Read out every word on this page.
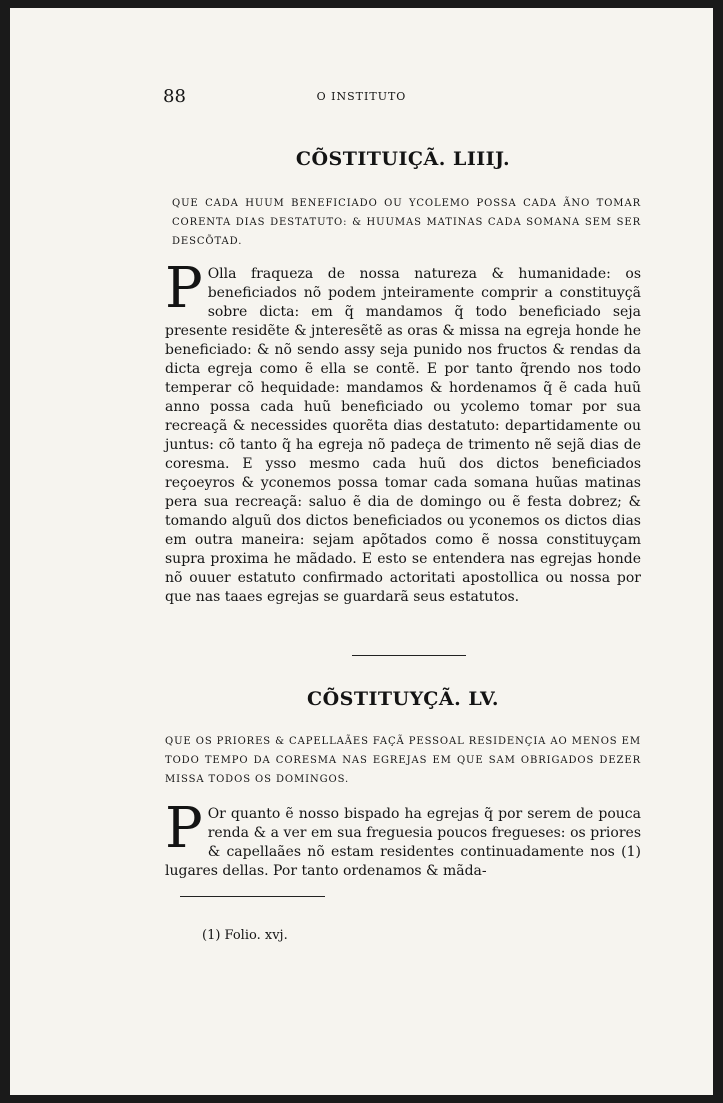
88	O INSTITUTO
CÕSTITUIÇÃ. LIIIJ.

QUE CADA HUUM BENEFICIADO OU YCOLEMO POSSA CADA ÃNO TOMAR CORENTA DIAS DESTATUTO: & HUUMAS MATINAS CADA SOMANA SEM SER DESCÕTAD.

P Olla fraqueza de nossa natureza & humanidade: os beneficiados nõ podem jnteiramente comprir a constituyçã sobre dicta: em q̃ mandamos q̃ todo beneficiado seja presente residẽte & jnteresẽtẽ as oras & missa na egreja honde he beneficiado: & nõ sendo assy seja punido nos fructos & rendas da dicta egreja como ẽ ella se contẽ. E por tanto q̃rendo nos todo temperar cõ hequidade: mandamos & hordenamos q̃ ẽ cada huũ anno possa cada huũ beneficiado ou ycolemo tomar por sua recreaçã & necessides quorẽta dias destatuto: departidamente ou juntus: cõ tanto q̃ ha egreja nõ padeça de trimento nẽ sejã dias de coresma. E ysso mesmo cada huũ dos dictos beneficiados reçoeyros & yconemos possa tomar cada somana huũas matinas pera sua recreaçã: saluo ẽ dia de domingo ou ẽ festa dobrez; & tomando alguũ dos dictos beneficiados ou yconemos os dictos dias em outra maneira: sejam apõtados como ẽ nossa constituyçam supra proxima he mãdado. E esto se entendera nas egrejas honde nõ ouuer estatuto confirmado actoritati apostollica ou nossa por que nas taaes egrejas se guardarã seus estatutos.

CÕSTITUYÇÃ. LV.

QUE OS PRIORES & CAPELLAÃES FAÇÃ PESSOAL RESIDENÇIA AO MENOS EM TODO TEMPO DA CORESMA NAS EGREJAS EM QUE SAM OBRIGADOS DEZER MISSA TODOS OS DOMINGOS.

P Or quanto ẽ nosso bispado ha egrejas q̃ por serem de pouca renda & a ver em sua freguesia poucos fregueses: os priores & capellaães nõ estam residentes continuadamente nos (1) lugares dellas. Por tanto ordenamos & mãda-

(1) Folio. xvj.
